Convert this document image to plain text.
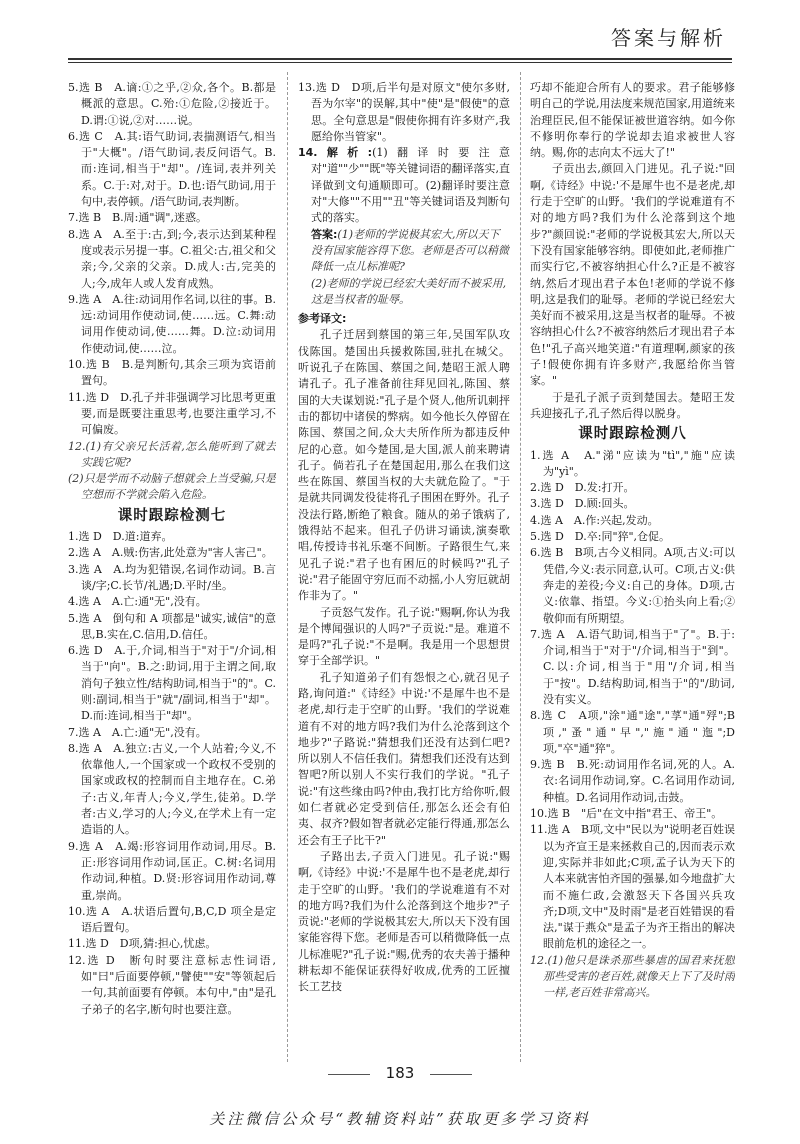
答案与解析
5.选 B　A.谪:①之乎,②众,各个。B.都是概派的意思。C.殆:①危险,②接近于。D.谓:①说,②对……说。
6.选 C　A.其:语气助词,表揣测语气,相当于"大概"。/语气助词,表反问语气。B.而:连词,相当于"却"。/连词,表并列关系。C.于:对,对于。D.也:语气助词,用于句中,表停顿。/语气助词,表判断。
7.选 B　B.周:通"调",迷惑。
8.选 A　A.至于:古,到;今,表示达到某种程度或表示另提一事。C.祖父:古,祖父和父亲;今,父亲的父亲。D.成人:古,完美的人;今,成年人或人发育成熟。
9.选 A　A.往:动词用作名词,以往的事。B.远:动词用作使动词,使……远。C.舞:动词用作使动词,使……舞。D.泣:动词用作使动词,使……泣。
10.选 B　B.是判断句,其余三项为宾语前置句。
11.选 D　D.孔子并非强调学习比思考更重要,而是既要注重思考,也要注重学习,不可偏废。
12.(1)有父亲兄长活着,怎么能听到了就去实践它呢?
(2)只是学而不动脑子想就会上当受骗,只是空想而不学就会陷入危险。
课时跟踪检测七
1.选 D　D.道:道弃。
2.选 A　A.贼:伤害,此处意为"害人害己"。
3.选 A　A.均为犯错误,名词作动词。B.言谈/字;C.长节/礼遇;D.平时/坐。
4.选 A　A.亡:通"无",没有。
5.选 A　倒句和 A 项都是"诚实,诚信"的意思,B.实在,C.信用,D.信任。
6.选 D　A.于,介词,相当于"对于"/介词,相当于"向"。B.之:助词,用于主谓之间,取消句子独立性/结构助词,相当于"的"。C.则:副词,相当于"就"/副词,相当于"却"。D.而:连词,相当于"却"。
7.选 A　A.亡:通"无",没有。
8.选 A　A.独立:古义,一个人站着;今义,不依靠他人,一个国家或一个政权不受别的国家或政权的控制而自主地存在。C.弟子:古义,年青人;今义,学生,徒弟。D.学者:古义,学习的人;今义,在学术上有一定造诣的人。
9.选 A　A.竭:形容词用作动词,用尽。B.正:形容词用作动词,匡正。C.树:名词用作动词,种植。D.贤:形容词用作动词,尊重,崇尚。
10.选 A　A.状语后置句,B,C,D 项全是定语后置句。
11.选 D　D项,猜:担心,忧虑。
12.选 D　断句时要注意标志性词语,如"曰"后面要停顿,"譬使""安"等领起后一句,其前面要有停顿。本句中,"由"是孔子弟子的名字,断句时也要注意。
13.选 D　D项,后半句是对原文"使尔多财,吾为尔宰"的误解,其中"使"是"假使"的意思。全句意思是"假使你拥有许多财产,我愿给你当管家"。
14.解析:(1)翻译时要注意对"道""少""既"等关键词语的翻译落实,直译做到文句通顺即可。(2)翻译时要注意对"大修""不用""丑"等关键词语及判断句式的落实。
答案:(1)老师的学说极其宏大,所以天下没有国家能容得下您。老师是否可以稍微降低一点儿标准呢?
(2)老师的学说已经宏大美好而不被采用,这是当权者的耻辱。
参考译文:
孔子迁居到蔡国的第三年,吴国军队攻伐陈国。楚国出兵援救陈国,驻扎在城父。听说孔子在陈国、蔡国之间,楚昭王派人聘请孔子。孔子准备前往拜见回礼,陈国、蔡国的大夫谋划说:"孔子是个贤人,他所讥刺抨击的都切中诸侯的弊病。如今他长久停留在陈国、蔡国之间,众大夫所作所为都违反仲尼的心意。如今楚国,是大国,派人前来聘请孔子。倘若孔子在楚国起用,那么在我们这些在陈国、蔡国当权的大夫就危险了。"于是就共同调发役徒将孔子围困在野外。孔子没法行路,断绝了粮食。随从的弟子饿病了,饿得站不起来。但孔子仍讲习诵读,演奏歌唱,传授诗书礼乐毫不间断。子路很生气,来见孔子说:"君子也有困厄的时候吗?"孔子说:"君子能固守穷厄而不动摇,小人穷厄就胡作非为了。"
子贡怒气发作。孔子说:"赐啊,你认为我是个博闻强识的人吗?"子贡说:"是。难道不是吗?"孔子说:"不是啊。我是用一个思想贯穿于全部学识。"
孔子知道弟子们有怨恨之心,就召见子路,询问道:"《诗经》中说:'不是犀牛也不是老虎,却行走于空旷的山野。'我们的学说难道有不对的地方吗?我们为什么沦落到这个地步?"子路说:"猜想我们还没有达到仁吧?所以别人不信任我们。猜想我们还没有达到智吧?所以别人不实行我们的学说。"孔子说:"有这些缘由吗?仲由,我打比方给你听,假如仁者就必定受到信任,那怎么还会有伯夷、叔齐?假如智者就必定能行得通,那怎么还会有王子比干?"
子路出去,子贡入门进见。孔子说:"赐啊,《诗经》中说:'不是犀牛也不是老虎,却行走于空旷的山野。'我们的学说难道有不对的地方吗?我们为什么沦落到这个地步?"子贡说:"老师的学说极其宏大,所以天下没有国家能容得下您。老师是否可以稍微降低一点儿标准呢?"孔子说:"赐,优秀的农夫善于播种耕耘却不能保证获得好收成,优秀的工匠擅长工艺技
巧却不能迎合所有人的要求。君子能够修明自己的学说,用法度来规范国家,用道统来治理臣民,但不能保证被世道容纳。如今你不修明你奉行的学说却去追求被世人容纳。赐,你的志向太不远大了!"
子贡出去,颜回入门进见。孔子说:"回啊,《诗经》中说:'不是犀牛也不是老虎,却行走于空旷的山野。'我们的学说难道有不对的地方吗?我们为什么沦落到这个地步?"颜回说:"老师的学说极其宏大,所以天下没有国家能够容纳。即使如此,老师推广而实行它,不被容纳担心什么?正是不被容纳,然后才现出君子本色!老师的学说不修明,这是我们的耻辱。老师的学说已经宏大美好而不被采用,这是当权者的耻辱。不被容纳担心什么?不被容纳然后才现出君子本色!"孔子高兴地笑道:"有道理啊,颜家的孩子!假使你拥有许多财产,我愿给你当管家。"
于是孔子派子贡到楚国去。楚昭王发兵迎接孔子,孔子然后得以脱身。
课时跟踪检测八
1.选 A　A."涕"应读为"tì","施"应读为"yì"。
2.选 D　D.发:打开。
3.选 D　D.顾:回头。
4.选 A　A.作:兴起,发动。
5.选 D　D.卒:同"猝",仓促。
6.选 B　B项,古今义相同。A项,古义:可以凭借,今义:表示同意,认可。C项,古义:供奔走的差役;今义:自己的身体。D项,古义:依靠、指望。今义:①抬头向上看;②敬仰而有所期望。
7.选 A　A.语气助词,相当于"了"。B.于:介词,相当于"对于"/介词,相当于"到"。C.以:介词,相当于"用"/介词,相当于"按"。D.结构助词,相当于"的"/助词,没有实义。
8.选 C　A项,"涂"通"途","莩"通"殍";B项,"蚤"通"早","施"通"迤";D项,"卒"通"猝"。
9.选 B　B.死:动词用作名词,死的人。A.衣:名词用作动词,穿。C.名词用作动词,种植。D.名词用作动词,击鼓。
10.选 B　"后"在文中指"君王、帝王"。
11.选 A　B项,文中"民以为"说明老百姓误以为齐宣王是来拯救自己的,因而表示欢迎,实际并非如此;C项,孟子认为天下的人本来就害怕齐国的强暴,如今地盘扩大而不施仁政,会激怒天下各国兴兵攻齐;D项,文中"及时雨"是老百姓错误的看法,"谋于燕众"是孟子为齐王指出的解决眼前危机的途径之一。
12.(1)他只是诛杀那些暴虐的国君来抚慰那些受害的老百姓,就像天上下了及时雨一样,老百姓非常高兴。
183
关注微信公众号“教辅资料站”获取更多学习资料
